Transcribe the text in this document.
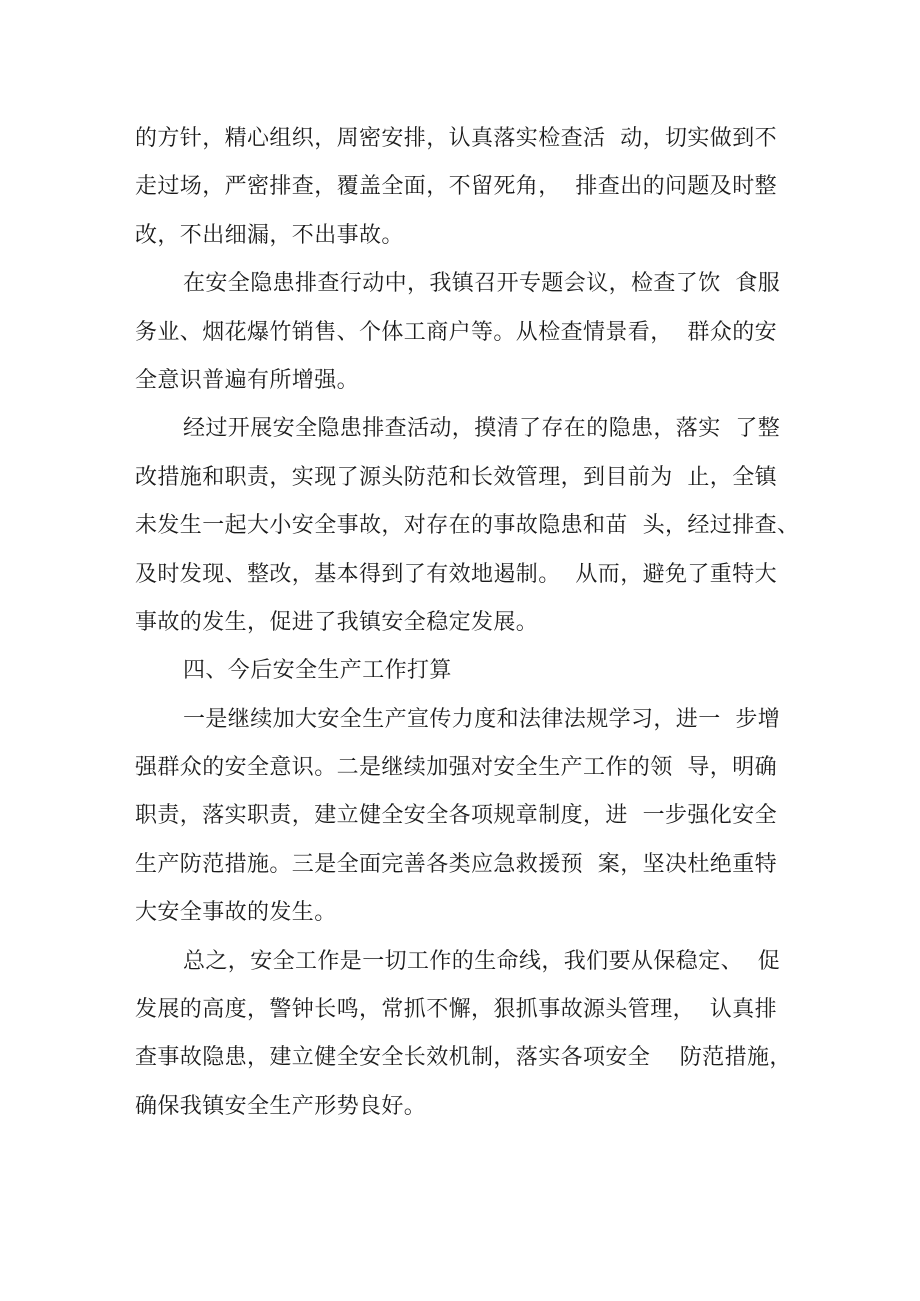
的方针，精心组织，周密安排，认真落实检查活  动，切实做到不
走过场，严密排查，覆盖全面，不留死角，  排查出的问题及时整
改，不出细漏，不出事故。
在安全隐患排查行动中，我镇召开专题会议，检查了饮  食服
务业、烟花爆竹销售、个体工商户等。从检查情景看，  群众的安
全意识普遍有所增强。
经过开展安全隐患排查活动，摸清了存在的隐患，落实  了整
改措施和职责，实现了源头防范和长效管理，到目前为  止，全镇
未发生一起大小安全事故，对存在的事故隐患和苗  头，经过排查、
及时发现、整改，基本得到了有效地遏制。  从而，避免了重特大
事故的发生，促进了我镇安全稳定发展。
四、今后安全生产工作打算
一是继续加大安全生产宣传力度和法律法规学习，进一  步增
强群众的安全意识。二是继续加强对安全生产工作的领  导，明确
职责，落实职责，建立健全安全各项规章制度，进  一步强化安全
生产防范措施。三是全面完善各类应急救援预  案，坚决杜绝重特
大安全事故的发生。
总之，安全工作是一切工作的生命线，我们要从保稳定、  促
发展的高度，警钟长鸣，常抓不懈，狠抓事故源头管理，  认真排
查事故隐患，建立健全安全长效机制，落实各项安全    防范措施，
确保我镇安全生产形势良好。
